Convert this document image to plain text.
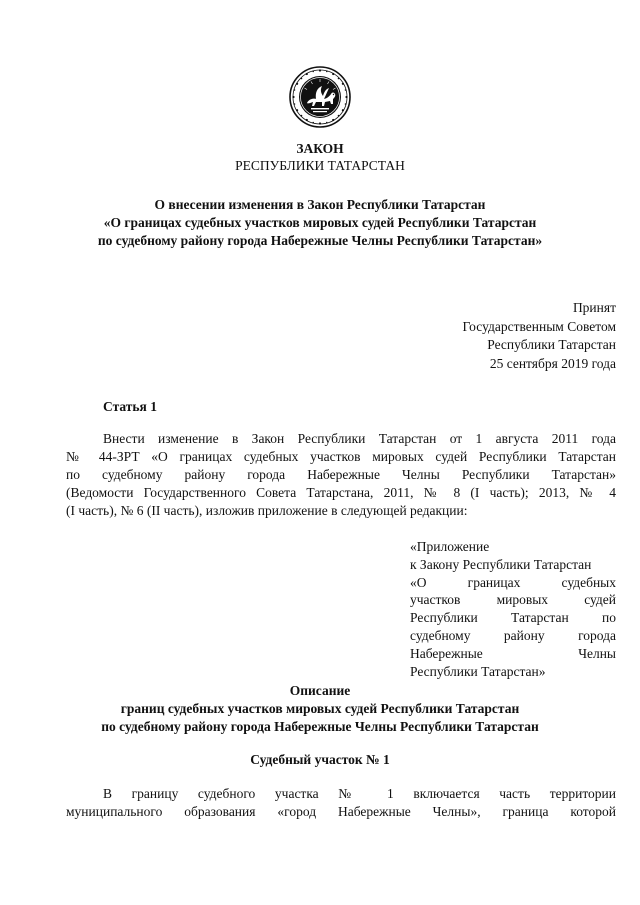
ЗАКОН
РЕСПУБЛИКИ ТАТАРСТАН
О внесении изменения в Закон Республики Татарстан
«О границах судебных участков мировых судей Республики Татарстан
по судебному району города Набережные Челны Республики Татарстан»
Принят
Государственным Советом
Республики Татарстан
25 сентября 2019 года
Статья 1
Внести изменение в Закон Республики Татарстан от 1 августа 2011 года
№ 44-ЗРТ «О границах судебных участков мировых судей Республики Татарстан
по судебному району города Набережные Челны Республики Татарстан»
(Ведомости Государственного Совета Татарстана, 2011, № 8 (I часть); 2013, № 4
(I часть), № 6 (II часть), изложив приложение в следующей редакции:
«Приложение
к Закону Республики Татарстан
«О границах судебных
участков мировых судей
Республики Татарстан по
судебному району города
Набережные Челны
Республики Татарстан»
Описание
границ судебных участков мировых судей Республики Татарстан
по судебному району города Набережные Челны Республики Татарстан
Судебный участок № 1
В границу судебного участка № 1 включается часть территории
муниципального образования «город Набережные Челны», граница которой
